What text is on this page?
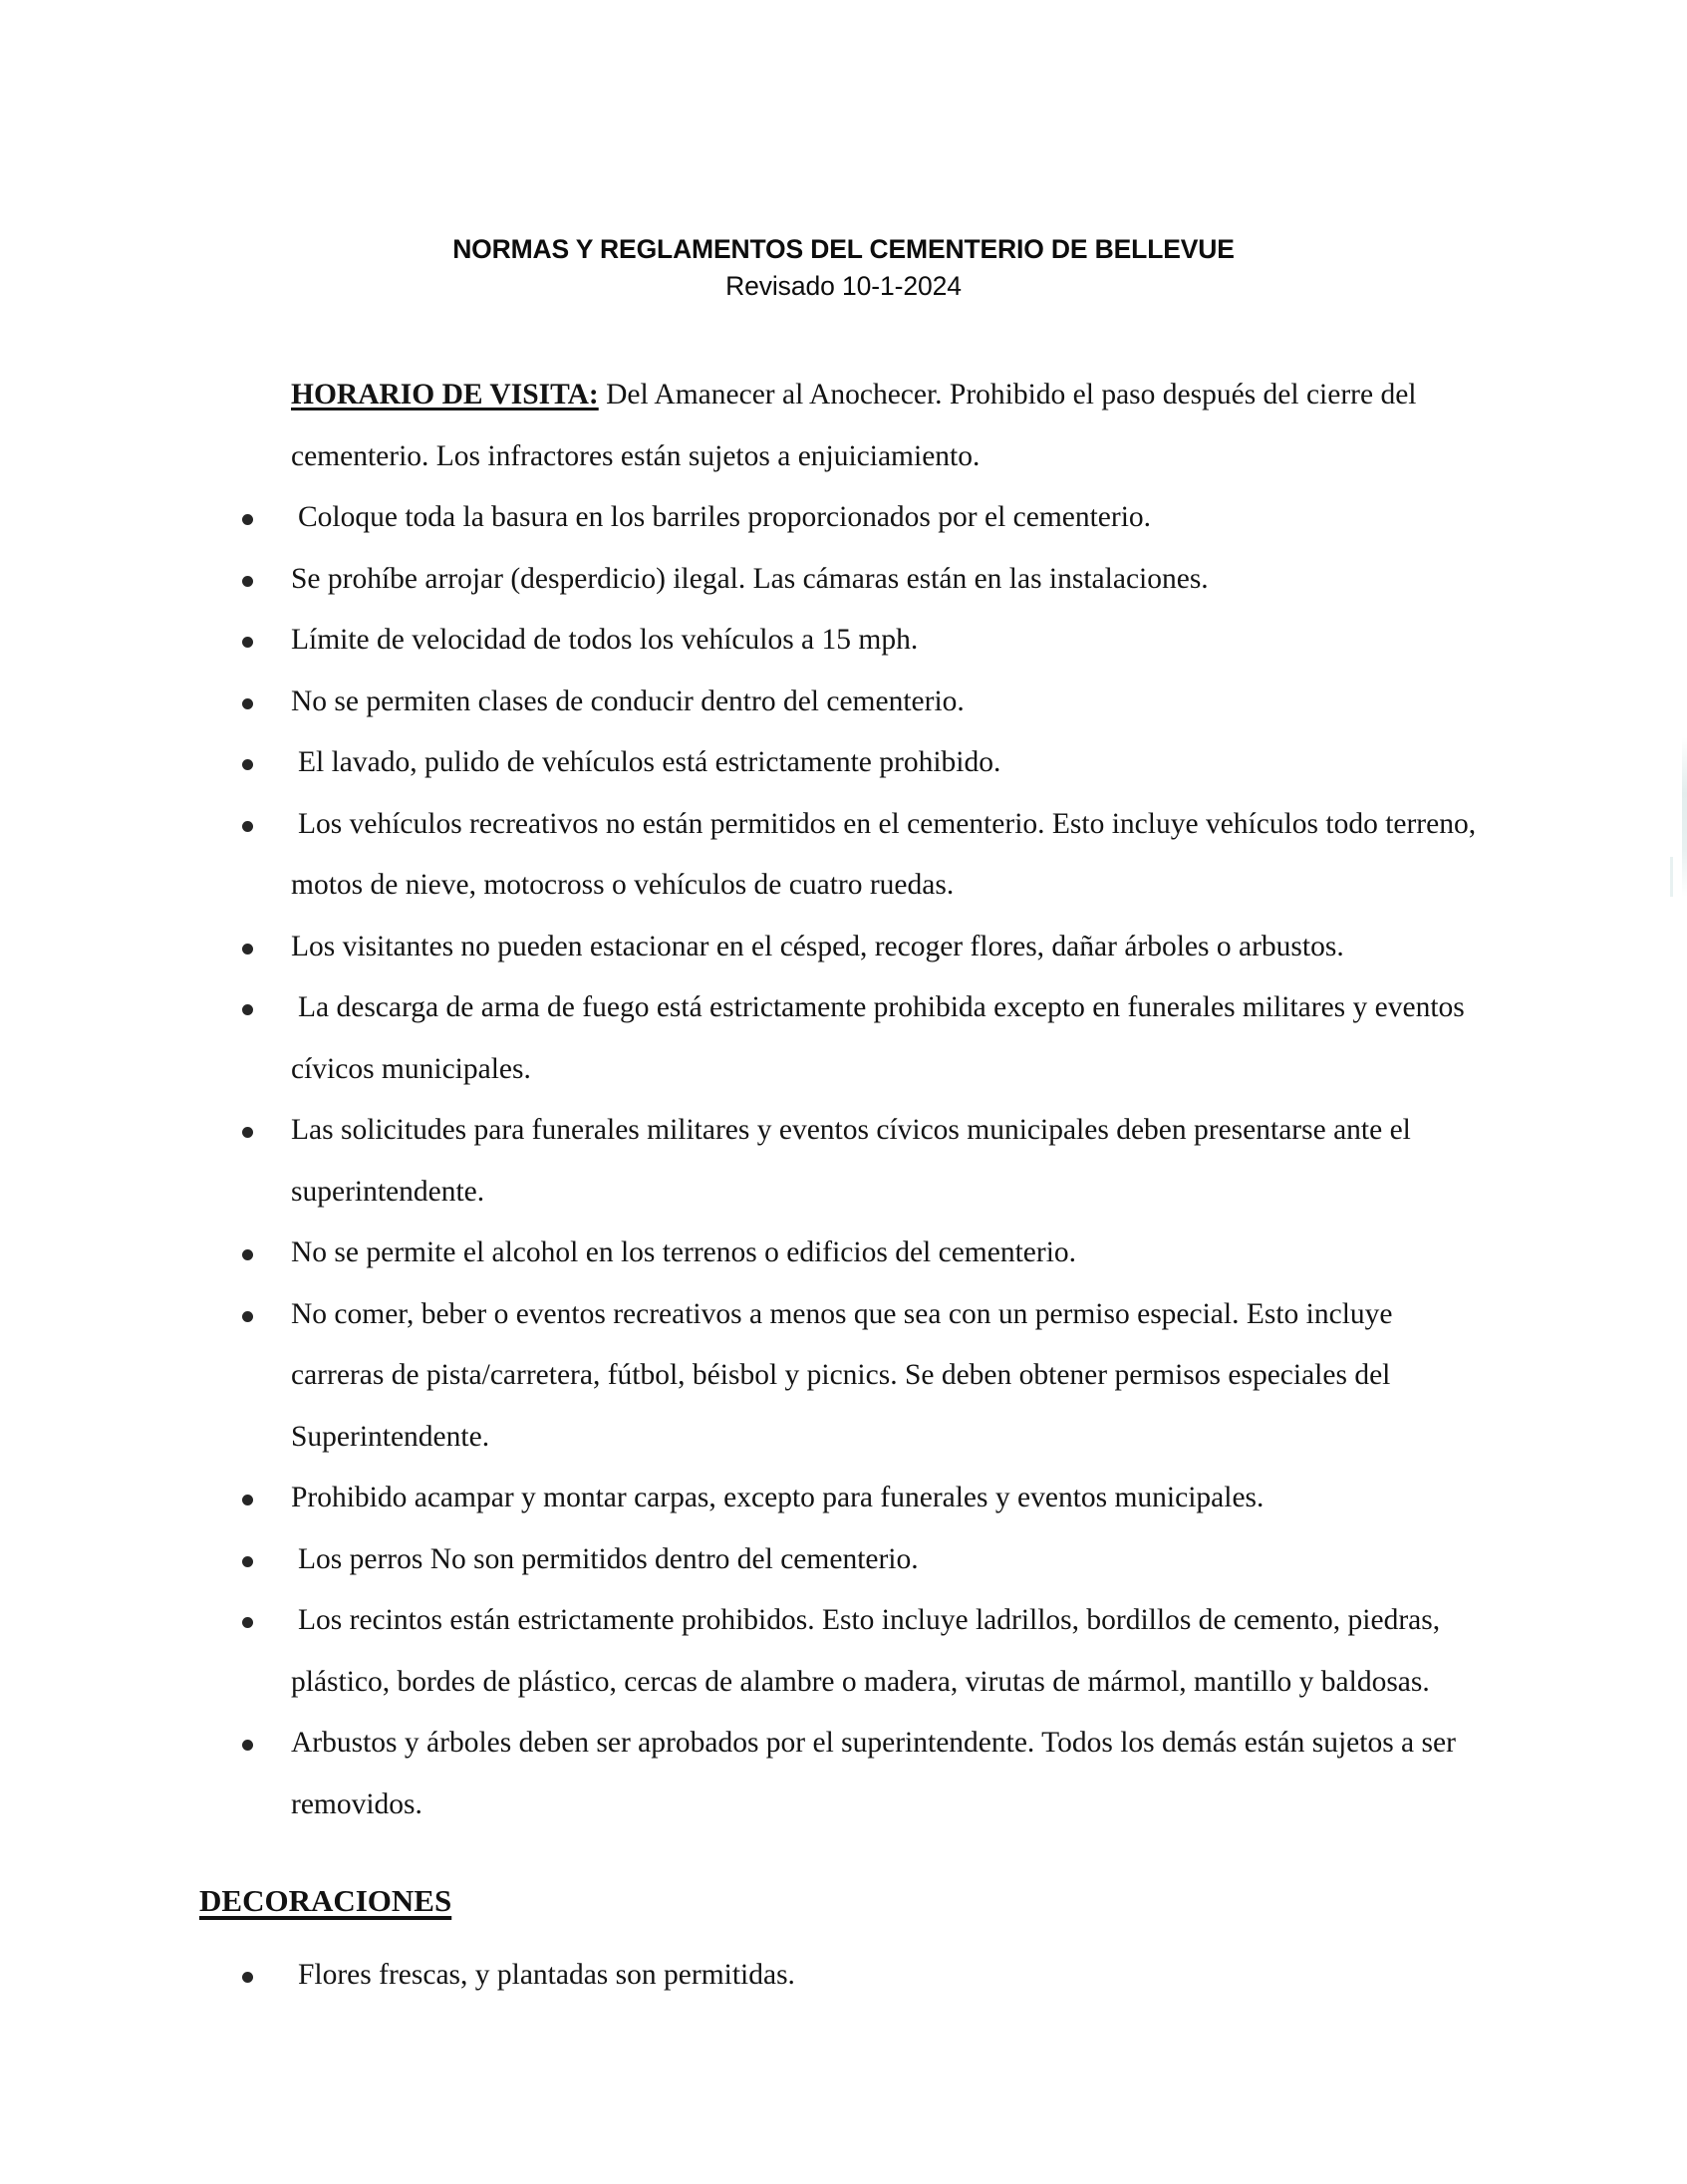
NORMAS Y REGLAMENTOS DEL CEMENTERIO DE BELLEVUE
Revisado 10-1-2024

HORARIO DE VISITA: Del Amanecer al Anochecer. Prohibido el paso después del cierre del cementerio. Los infractores están sujetos a enjuiciamiento.

Coloque toda la basura en los barriles proporcionados por el cementerio.
Se prohíbe arrojar (desperdicio) ilegal. Las cámaras están en las instalaciones.
Límite de velocidad de todos los vehículos a 15 mph.
No se permiten clases de conducir dentro del cementerio.
El lavado, pulido de vehículos está estrictamente prohibido.
Los vehículos recreativos no están permitidos en el cementerio. Esto incluye vehículos todo terreno, motos de nieve, motocross o vehículos de cuatro ruedas.
Los visitantes no pueden estacionar en el césped, recoger flores, dañar árboles o arbustos.
La descarga de arma de fuego está estrictamente prohibida excepto en funerales militares y eventos cívicos municipales.
Las solicitudes para funerales militares y eventos cívicos municipales deben presentarse ante el superintendente.
No se permite el alcohol en los terrenos o edificios del cementerio.
No comer, beber o eventos recreativos a menos que sea con un permiso especial. Esto incluye carreras de pista/carretera, fútbol, béisbol y picnics. Se deben obtener permisos especiales del Superintendente.
Prohibido acampar y montar carpas, excepto para funerales y eventos municipales.
Los perros No son permitidos dentro del cementerio.
Los recintos están estrictamente prohibidos. Esto incluye ladrillos, bordillos de cemento, piedras, plástico, bordes de plástico, cercas de alambre o madera, virutas de mármol, mantillo y baldosas.
Arbustos y árboles deben ser aprobados por el superintendente. Todos los demás están sujetos a ser removidos.
DECORACIONES
Flores frescas, y plantadas son permitidas.
